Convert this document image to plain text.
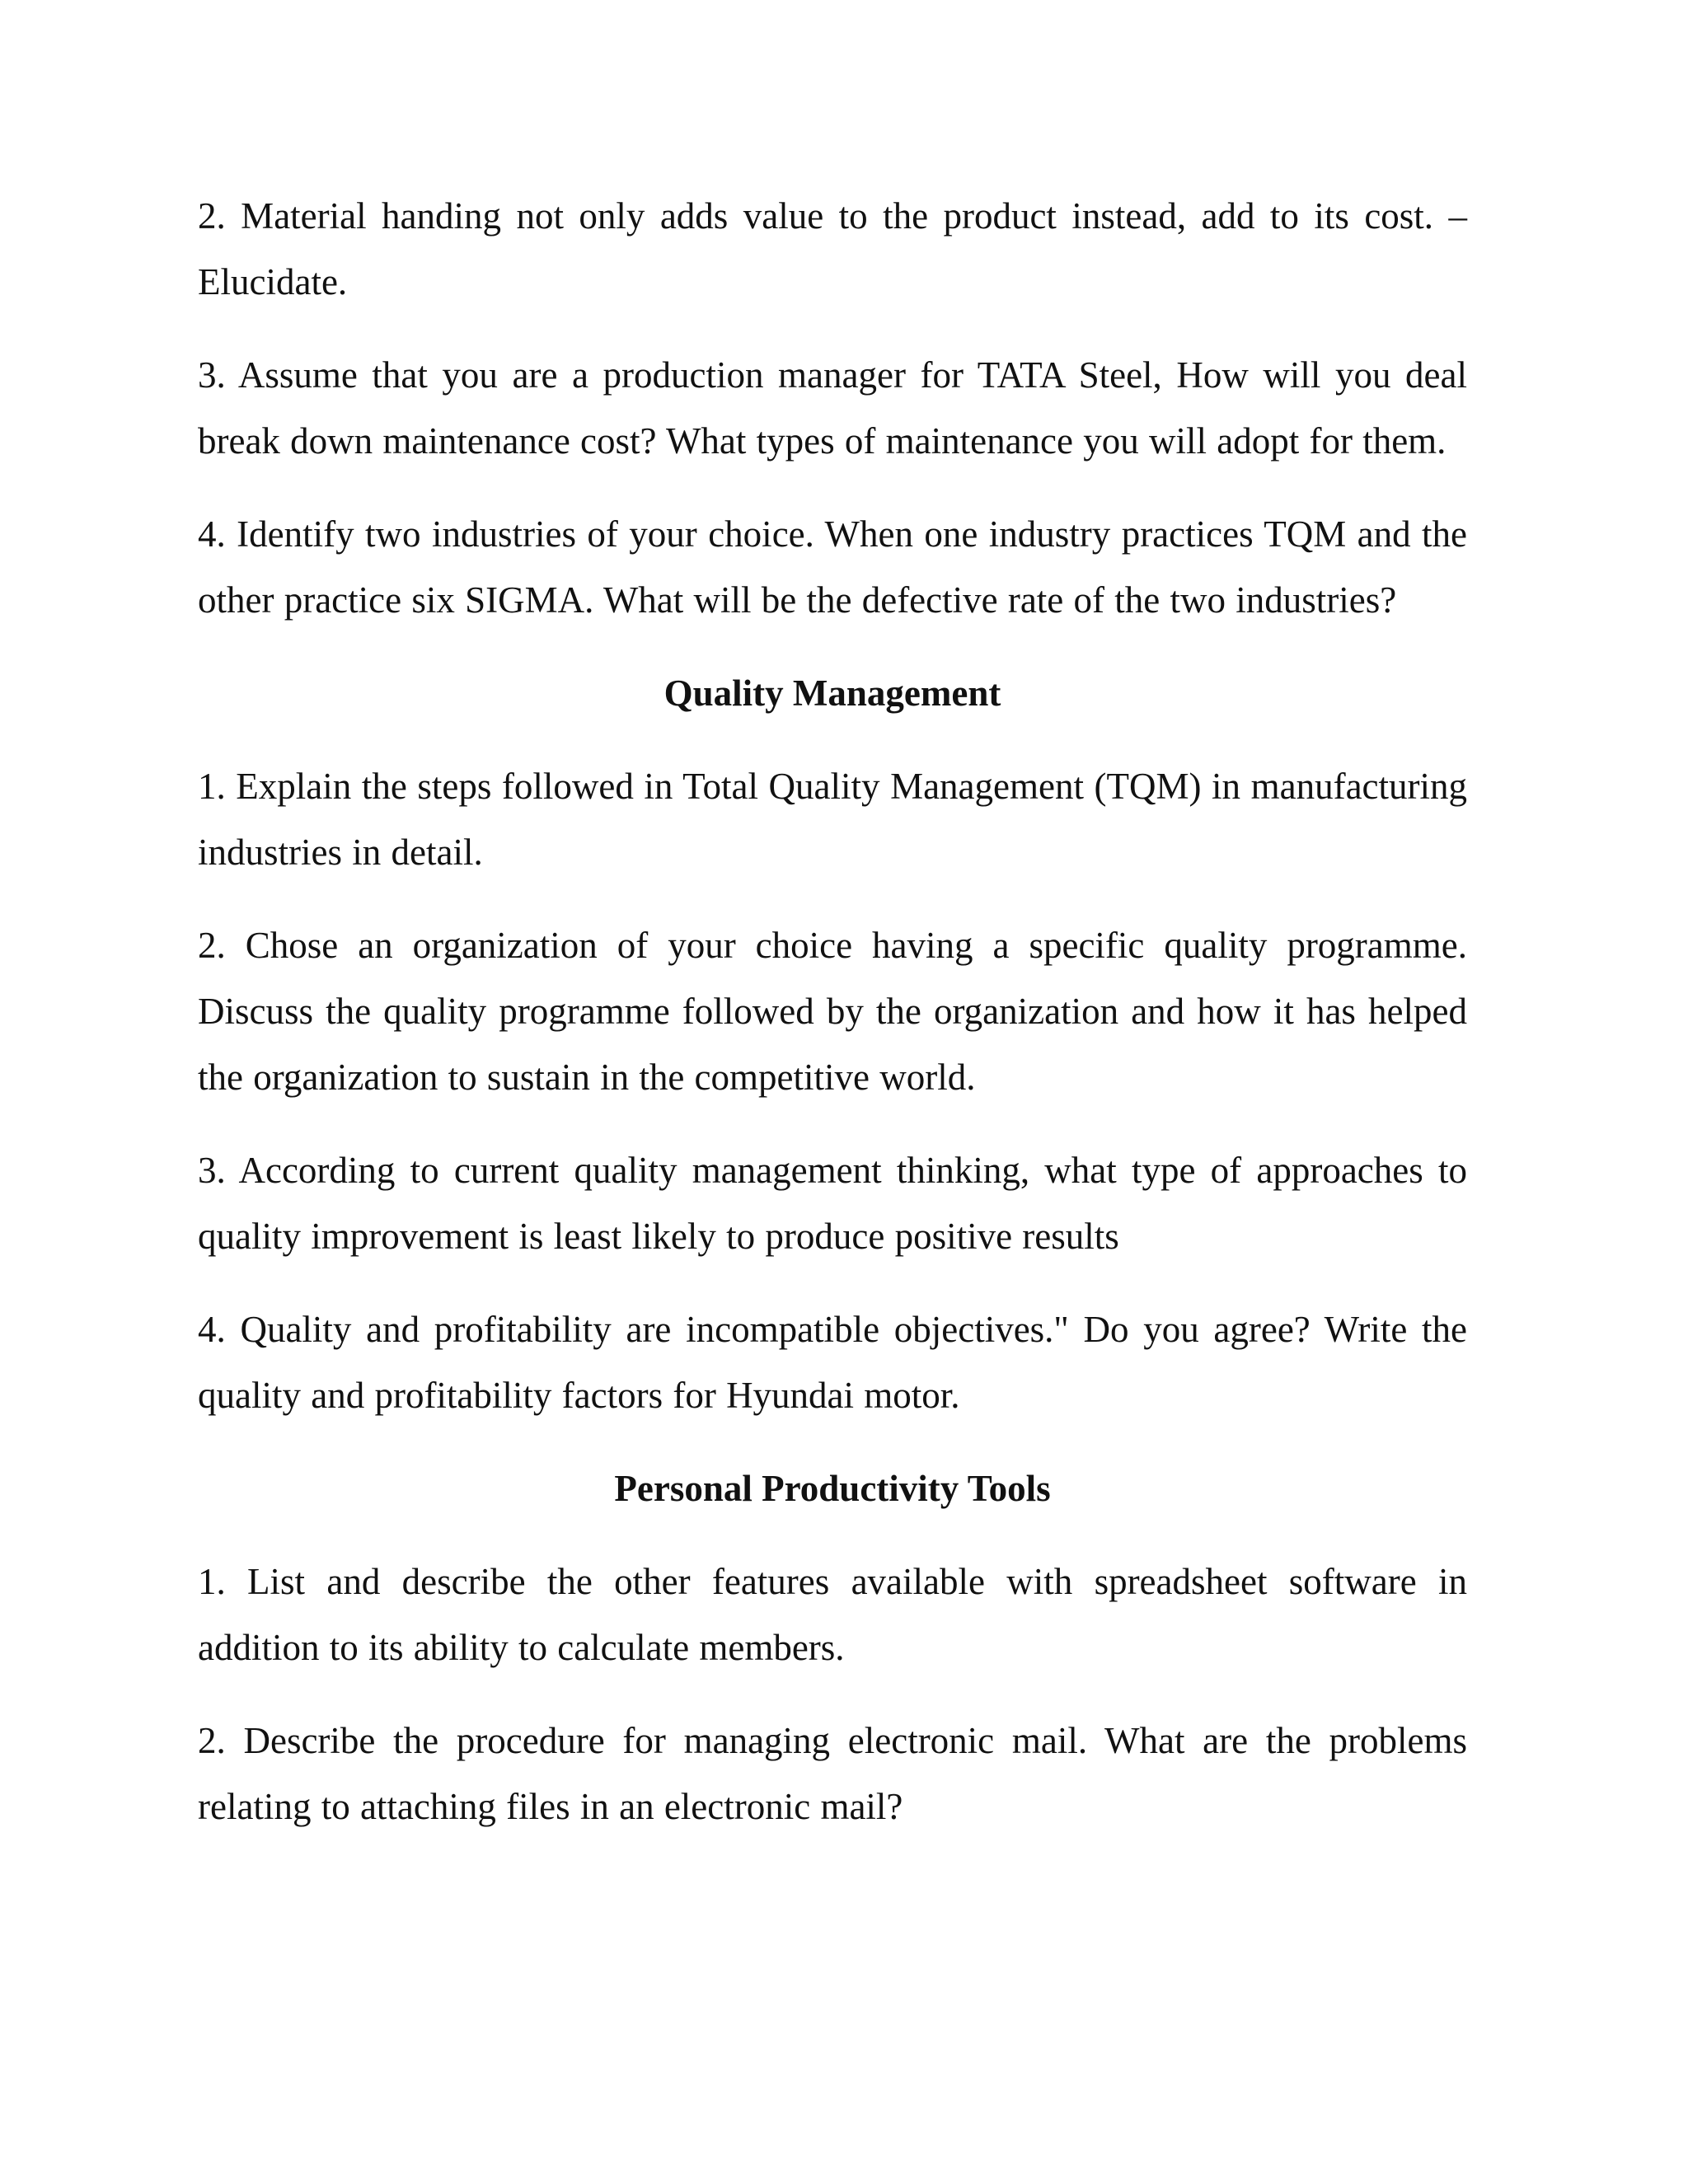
2. Material handing not only adds value to the product instead, add to its cost. – Elucidate.

3. Assume that you are a production manager for TATA Steel, How will you deal break down maintenance cost? What types of maintenance you will adopt for them.

4. Identify two industries of your choice. When one industry practices TQM and the other practice six SIGMA. What will be the defective rate of the two industries?

Quality Management

1. Explain the steps followed in Total Quality Management (TQM) in manufacturing industries in detail.

2. Chose an organization of your choice having a specific quality programme. Discuss the quality programme followed by the organization and how it has helped the organization to sustain in the competitive world.

3. According to current quality management thinking, what type of approaches to quality improvement is least likely to produce positive results

4. Quality and profitability are incompatible objectives." Do you agree? Write the quality and profitability factors for Hyundai motor.

Personal Productivity Tools

1. List and describe the other features available with spreadsheet software in addition to its ability to calculate members.

2. Describe the procedure for managing electronic mail. What are the problems relating to attaching files in an electronic mail?
